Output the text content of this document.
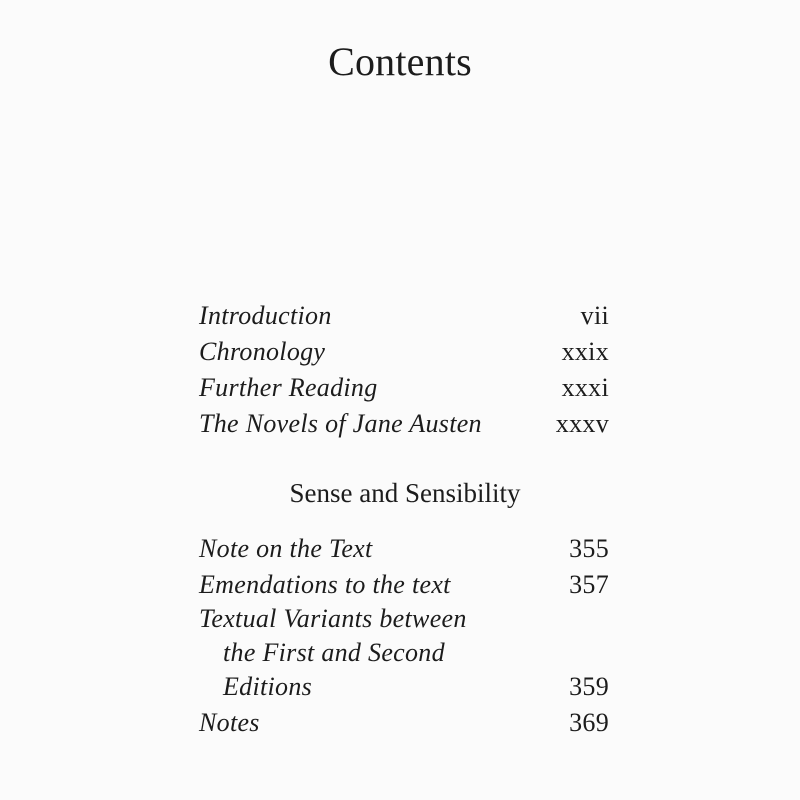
Contents
Introduction	vii
Chronology	xxix
Further Reading	xxxi
The Novels of Jane Austen	xxxv
Sense and Sensibility
Note on the Text	355
Emendations to the text	357
Textual Variants between
the First and Second
Editions	359
Notes	369
